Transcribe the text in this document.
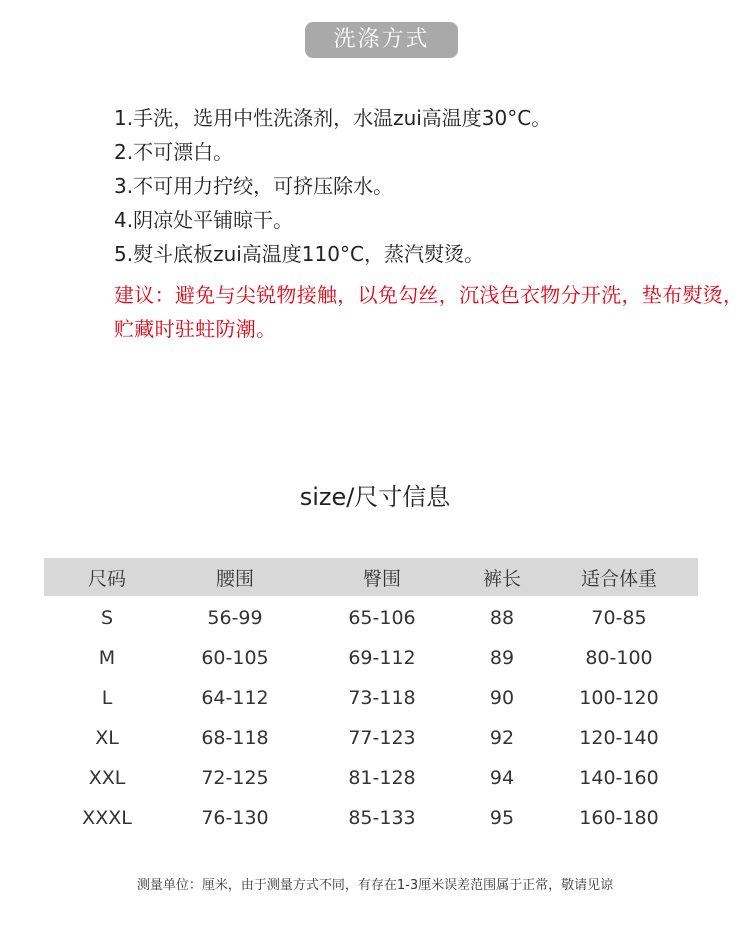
洗涤方式
1.手洗，选用中性洗涤剂，水温zui高温度30°C。
2.不可漂白。
3.不可用力拧绞，可挤压除水。
4.阴凉处平铺晾干。
5.熨斗底板zui高温度110°C，蒸汽熨烫。
建议：避免与尖锐物接触，以免勾丝，沉浅色衣物分开洗，垫布熨烫，贮藏时驻蛀防潮。
size/尺寸信息
尺码	腰围	臀围	裤长	适合体重
S	56-99	65-106	88	70-85
M	60-105	69-112	89	80-100
L	64-112	73-118	90	100-120
XL	68-118	77-123	92	120-140
XXL	72-125	81-128	94	140-160
XXXL	76-130	85-133	95	160-180
测量单位：厘米，由于测量方式不同，有存在1-3厘米误差范围属于正常，敬请见谅
